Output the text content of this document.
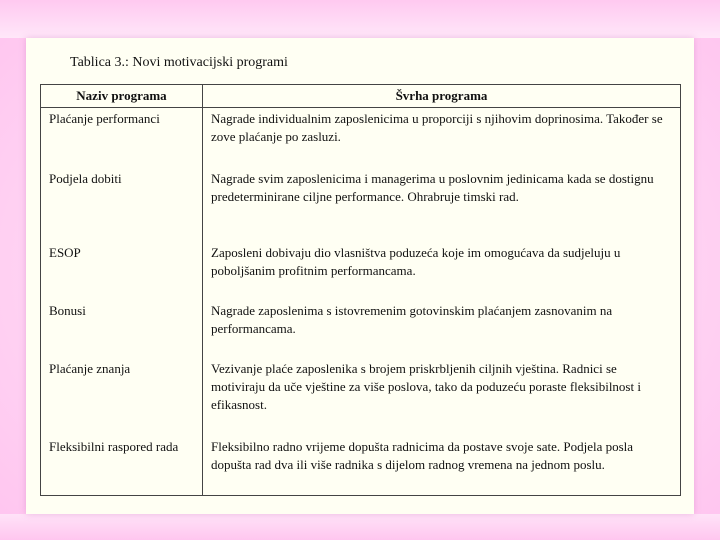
Tablica 3.: Novi motivacijski programi
Naziv programa	Švrha programa
Plaćanje performanci	Nagrade individualnim zaposlenicima u proporciji s njihovim doprinosima. Također se zove plaćanje po zasluzi.
Podjela dobiti	Nagrade svim zaposlenicima i managerima u poslovnim jedinicama kada se dostignu predeterminirane ciljne performance. Ohrabruje timski rad.
ESOP	Zaposleni dobivaju dio vlasništva poduzeća koje im omogućava da sudjeluju u poboljšanim profitnim performancama.
Bonusi	Nagrade zaposlenima s istovremenim gotovinskim plaćanjem zasnovanim na performancama.
Plaćanje znanja	Vezivanje plaće zaposlenika s brojem priskrbljenih ciljnih vještina. Radnici se motiviraju da uče vještine za više poslova, tako da poduzeću poraste fleksibilnost i efikasnost.
Fleksibilni raspored rada	Fleksibilno radno vrijeme dopušta radnicima da postave svoje sate. Podjela posla dopušta rad dva ili više radnika s dijelom radnog vremena na jednom poslu.
